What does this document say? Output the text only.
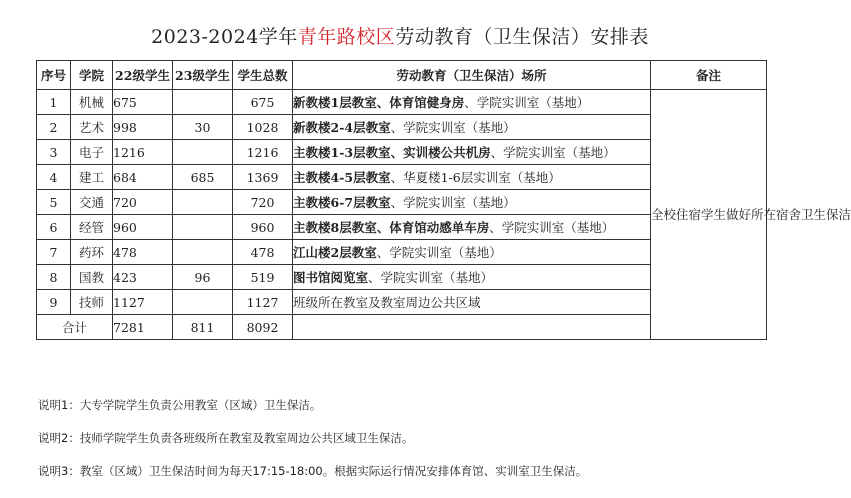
2023-2024学年青年路校区劳动教育（卫生保洁）安排表
序号	学院	22级学生	23级学生	学生总数	劳动教育（卫生保洁）场所	备注
1	机械	675		675	新教楼1层教室、体育馆健身房、学院实训室（基地）	全校住宿学生做好所在宿舍卫生保洁
2	艺术	998	30	1028	新教楼2-4层教室、学院实训室（基地）	
3	电子	1216		1216	主教楼1-3层教室、实训楼公共机房、学院实训室（基地）	
4	建工	684	685	1369	主教楼4-5层教室、华夏楼1-6层实训室（基地）	
5	交通	720		720	主教楼6-7层教室、学院实训室（基地）	
6	经管	960		960	主教楼8层教室、体育馆动感单车房、学院实训室（基地）	
7	药环	478		478	江山楼2层教室、学院实训室（基地）	
8	国教	423	96	519	图书馆阅览室、学院实训室（基地）	
9	技师	1127		1127	班级所在教室及教室周边公共区域	
合计		7281	811	8092		
说明1：大专学院学生负责公用教室（区域）卫生保洁。
说明2：技师学院学生负责各班级所在教室及教室周边公共区域卫生保洁。
说明3：教室（区域）卫生保洁时间为每天17:15-18:00。根据实际运行情况安排体育馆、实训室卫生保洁。
